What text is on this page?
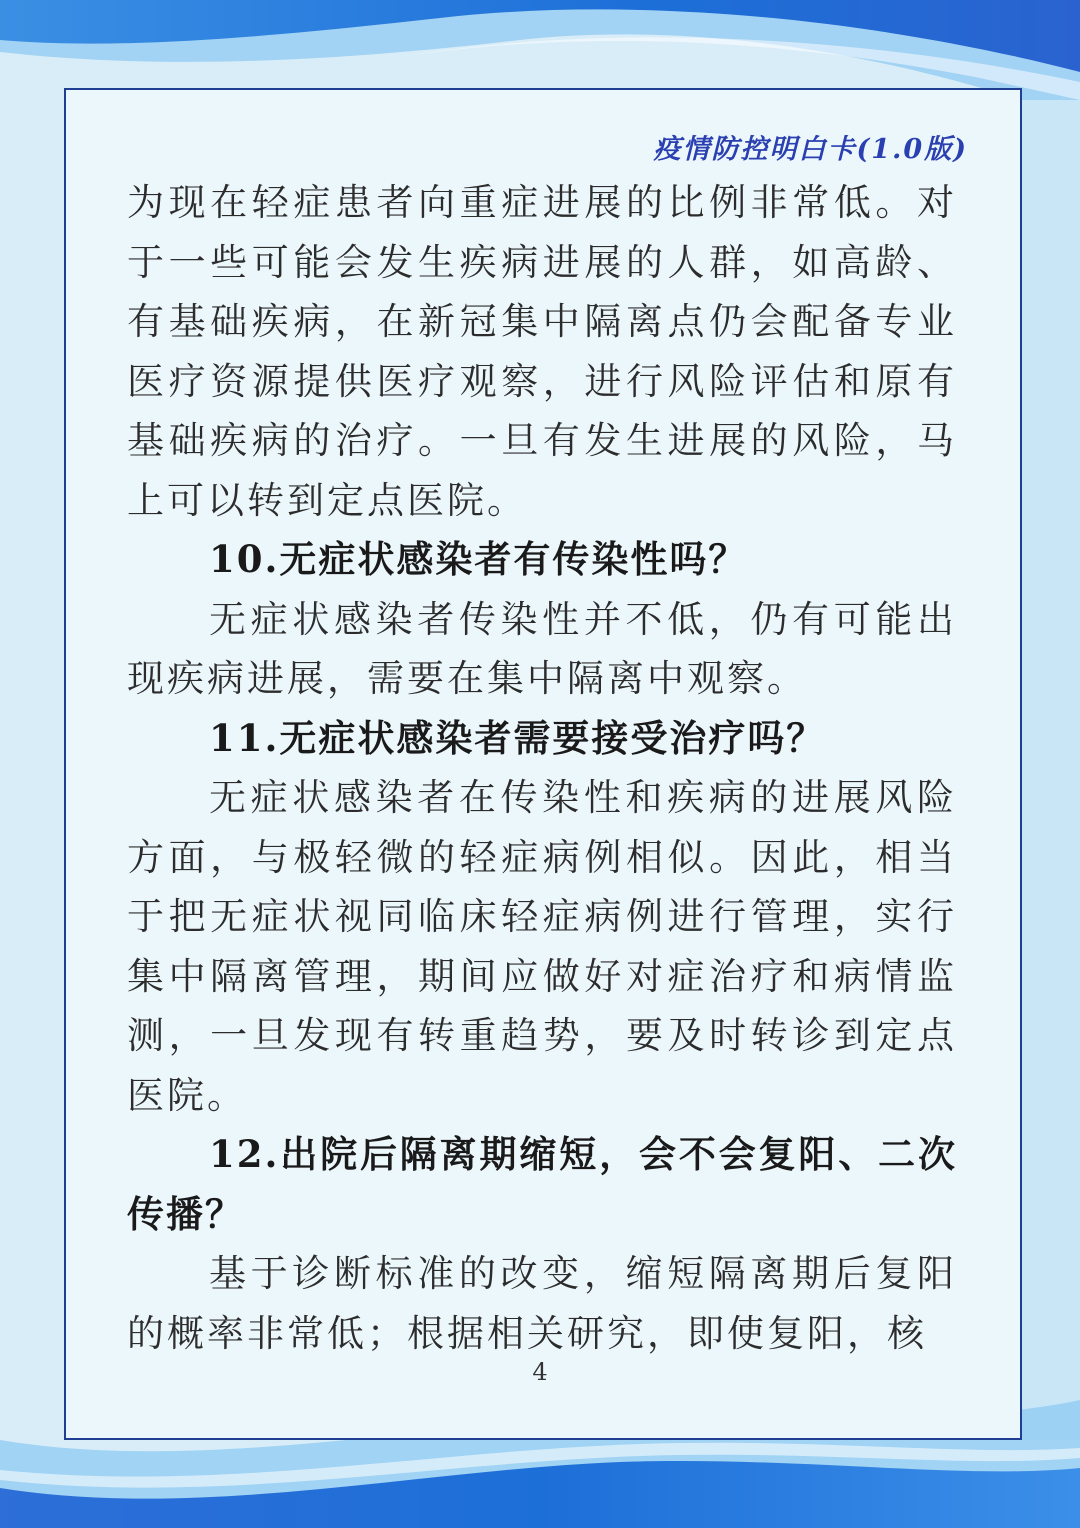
疫情防控明白卡(1.0版)

为现在轻症患者向重症进展的比例非常低。对于一些可能会发生疾病进展的人群，如高龄、有基础疾病，在新冠集中隔离点仍会配备专业医疗资源提供医疗观察，进行风险评估和原有基础疾病的治疗。一旦有发生进展的风险，马上可以转到定点医院。

10.无症状感染者有传染性吗？

无症状感染者传染性并不低，仍有可能出现疾病进展，需要在集中隔离中观察。

11.无症状感染者需要接受治疗吗？

无症状感染者在传染性和疾病的进展风险方面，与极轻微的轻症病例相似。因此，相当于把无症状视同临床轻症病例进行管理，实行集中隔离管理，期间应做好对症治疗和病情监测，一旦发现有转重趋势，要及时转诊到定点医院。

12.出院后隔离期缩短，会不会复阳、二次传播？

基于诊断标准的改变，缩短隔离期后复阳的概率非常低；根据相关研究，即使复阳，核

4
